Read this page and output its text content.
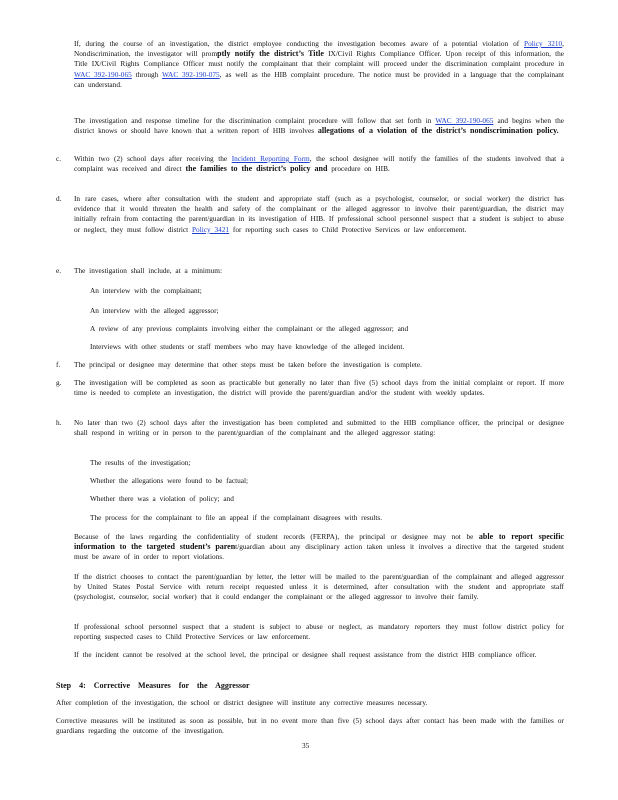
If, during the course of an investigation, the district employee conducting the investigation becomes aware of a potential violation of Policy 3210, Nondiscrimination, the investigator will promptly notify the district’s Title IX/Civil Rights Compliance Officer. Upon receipt of this information, the Title IX/Civil Rights Compliance Officer must notify the complainant that their complaint will proceed under the discrimination complaint procedure in WAC 392-190-065 through WAC 392-190-075, as well as the HIB complaint procedure. The notice must be provided in a language that the complainant can understand.
The investigation and response timeline for the discrimination complaint procedure will follow that set forth in WAC 392-190-065 and begins when the district knows or should have known that a written report of HIB involves allegations of a violation of the district’s nondiscrimination policy.
c. Within two (2) school days after receiving the Incident Reporting Form, the school designee will notify the families of the students involved that a complaint was received and direct the families to the district’s policy and procedure on HIB.
d. In rare cases, where after consultation with the student and appropriate staff (such as a psychologist, counselor, or social worker) the district has evidence that it would threaten the health and safety of the complainant or the alleged aggressor to involve their parent/guardian, the district may initially refrain from contacting the parent/guardian in its investigation of HIB. If professional school personnel suspect that a student is subject to abuse or neglect, they must follow district Policy 3421 for reporting such cases to Child Protective Services or law enforcement.
e. The investigation shall include, at a minimum:
An interview with the complainant;
An interview with the alleged aggressor;
A review of any previous complaints involving either the complainant or the alleged aggressor; and
Interviews with other students or staff members who may have knowledge of the alleged incident.
f. The principal or designee may determine that other steps must be taken before the investigation is complete.
g. The investigation will be completed as soon as practicable but generally no later than five (5) school days from the initial complaint or report. If more time is needed to complete an investigation, the district will provide the parent/guardian and/or the student with weekly updates.
h. No later than two (2) school days after the investigation has been completed and submitted to the HIB compliance officer, the principal or designee shall respond in writing or in person to the parent/guardian of the complainant and the alleged aggressor stating:
The results of the investigation;
Whether the allegations were found to be factual;
Whether there was a violation of policy; and
The process for the complainant to file an appeal if the complainant disagrees with results.
Because of the laws regarding the confidentiality of student records (FERPA), the principal or designee may not be able to report specific information to the targeted student’s parent/guardian about any disciplinary action taken unless it involves a directive that the targeted student must be aware of in order to report violations.
If the district chooses to contact the parent/guardian by letter, the letter will be mailed to the parent/guardian of the complainant and alleged aggressor by United States Postal Service with return receipt requested unless it is determined, after consultation with the student and appropriate staff (psychologist, counselor, social worker) that it could endanger the complainant or the alleged aggressor to involve their family.
If professional school personnel suspect that a student is subject to abuse or neglect, as mandatory reporters they must follow district policy for reporting suspected cases to Child Protective Services or law enforcement.
If the incident cannot be resolved at the school level, the principal or designee shall request assistance from the district HIB compliance officer.
Step 4: Corrective Measures for the Aggressor
After completion of the investigation, the school or district designee will institute any corrective measures necessary.
Corrective measures will be instituted as soon as possible, but in no event more than five (5) school days after contact has been made with the families or guardians regarding the outcome of the investigation.
35
